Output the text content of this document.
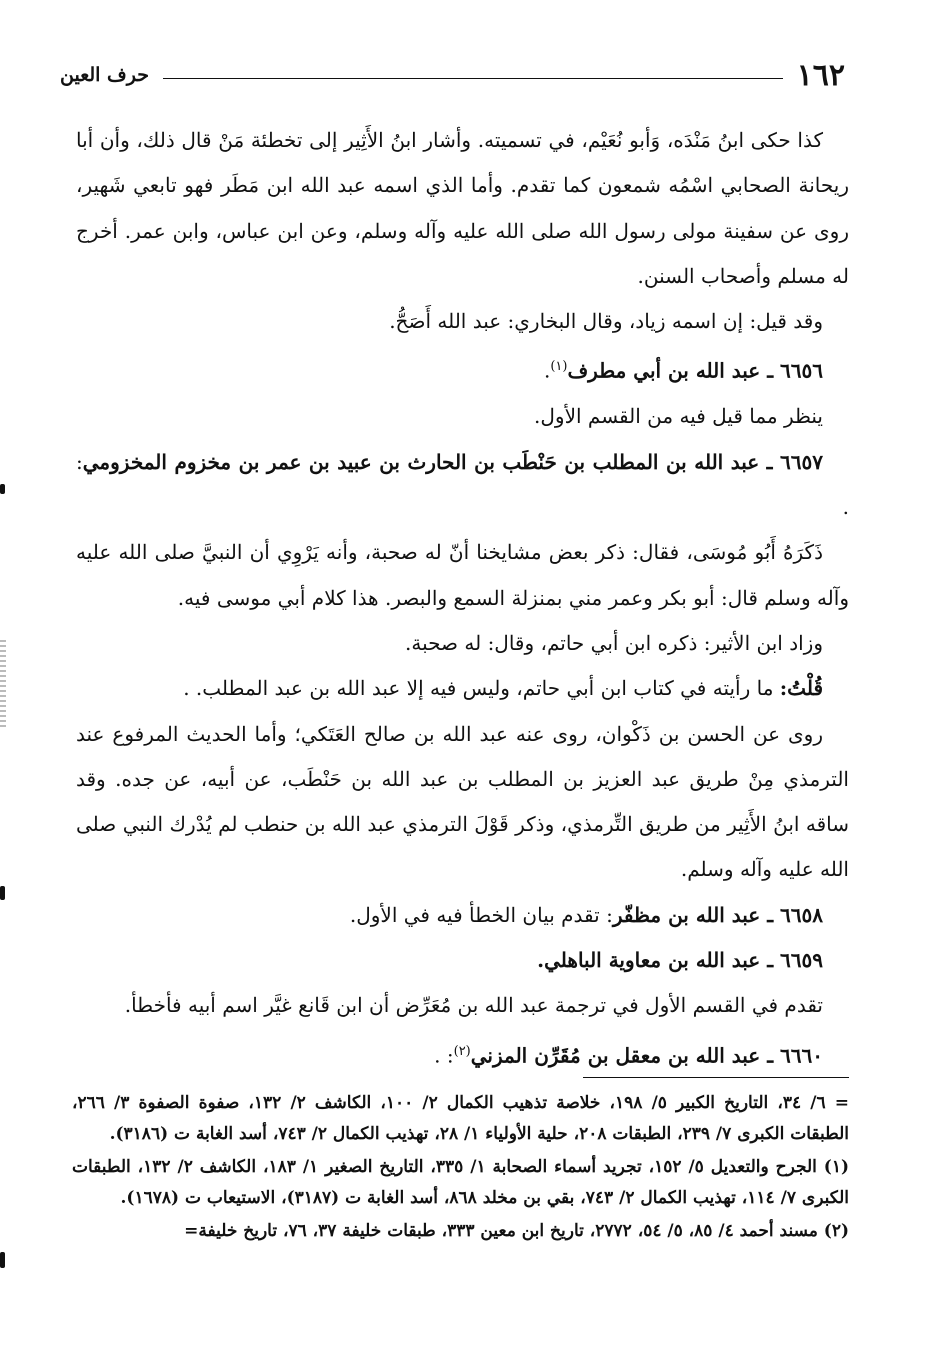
١٦٢
حرف العين

كذا حكى ابنُ مَنْدَه، وَأبو نُعَيْم، في تسميته. وأشار ابنُ الأَثِير إلى تخطئة مَنْ قال ذلك، وأن أبا ريحانة الصحابي اسْمُه شمعون كما تقدم. وأما الذي اسمه عبد الله ابن مَطَر فهو تابعي شَهير، روى عن سفينة مولى رسول الله صلى الله عليه وآله وسلم، وعن ابن عباس، وابن عمر. أخرج له مسلم وأصحاب السنن.

وقد قيل: إن اسمه زياد، وقال البخاري: عبد الله أَصَحُّ.

٦٦٥٦ ـ عبد الله بن أبي مطرف$^{(١)}$.

ينظر مما قيل فيه من القسم الأول.

٦٦٥٧ ـ عبد الله بن المطلب بن حَنْطَب بن الحارث بن عبيد بن عمر بن مخزوم المخزومي: .

ذَكَرَهُ أَبُو مُوسَى، فقال: ذكر بعض مشايخنا أنّ له صحبة، وأنه يَرْوِي أن النبيَّ صلى الله عليه وآله وسلم قال: أبو بكر وعمر مني بمنزلة السمع والبصر. هذا كلام أبي موسى فيه.

وزاد ابن الأثير: ذكره ابن أبي حاتم، وقال: له صحبة.

قُلْتُ: ما رأيته في كتاب ابن أبي حاتم، وليس فيه إلا عبد الله بن عبد المطلب. .

روى عن الحسن بن ذَكْوان، روى عنه عبد الله بن صالح العَتَكي؛ وأما الحديث المرفوع عند الترمذي مِنْ طريق عبد العزيز بن المطلب بن عبد الله بن حَنْطَب، عن أبيه، عن جده. وقد ساقه ابنُ الأَثِير من طريق التِّرمذي، وذكر قَوْلَ الترمذي عبد الله بن حنطب لم يُدْرك النبي صلى الله عليه وآله وسلم.

٦٦٥٨ ـ عبد الله بن مظفّر: تقدم بيان الخطأ فيه في الأول.

٦٦٥٩ ـ عبد الله بن معاوية الباهلي.

تقدم في القسم الأول في ترجمة عبد الله بن مُعَرِّض أن ابن قَانع غيَّر اسم أبيه فأخطأ.

٦٦٦٠ ـ عبد الله بن معقل بن مُقَرِّن المزني$^{(٢)}$: .

= ٦/ ٣٤، التاريخ الكبير ٥/ ١٩٨، خلاصة تذهيب الكمال ٢/ ١٠٠، الكاشف ٢/ ١٣٢، صفوة الصفوة ٣/ ٢٦٦، الطبقات الكبرى ٧/ ٢٣٩، الطبقات ٢٠٨، حلية الأولياء ١/ ٢٨، تهذيب الكمال ٢/ ٧٤٣، أسد الغابة ت (٣١٨٦).

(١) الجرح والتعديل ٥/ ١٥٢، تجريد أسماء الصحابة ١/ ٣٣٥، التاريخ الصغير ١/ ١٨٣، الكاشف ٢/ ١٣٢، الطبقات الكبرى ٧/ ١١٤، تهذيب الكمال ٢/ ٧٤٣، بقي بن مخلد ٨٦٨، أسد الغابة ت (٣١٨٧)، الاستيعاب ت (١٦٧٨).

(٢) مسند أحمد ٤/ ٨٥، ٥/ ٥٤، ٢٧٧٢، تاريخ ابن معين ٣٣٣، طبقات خليفة ٣٧، ٧٦، تاريخ خليفة=
